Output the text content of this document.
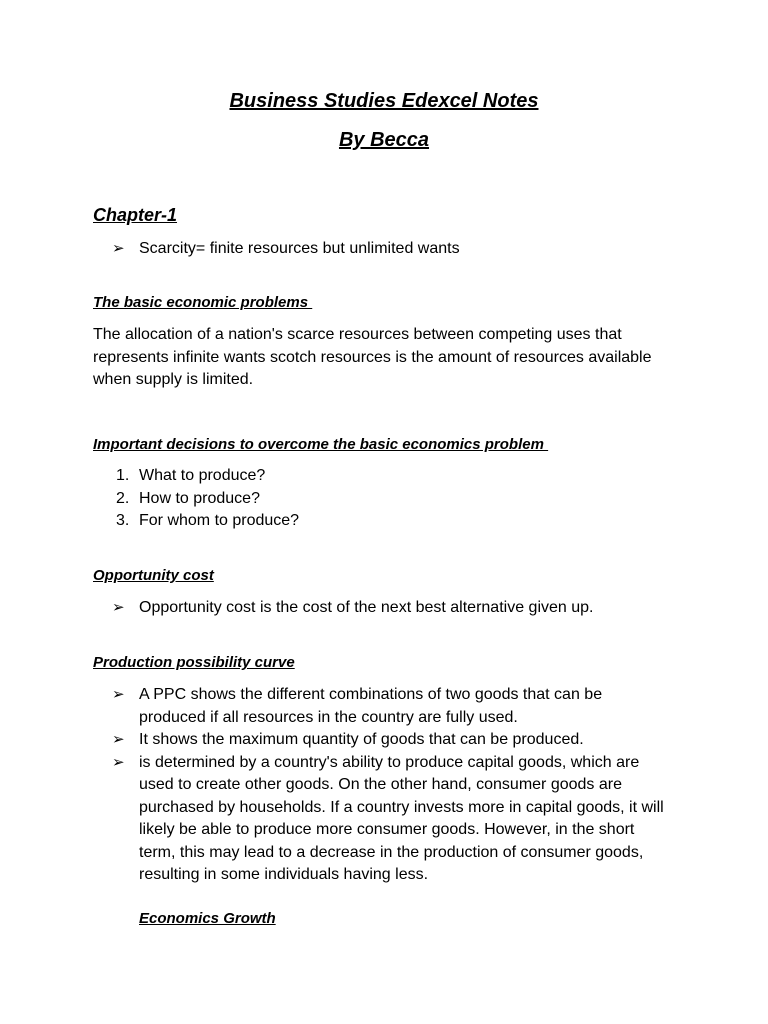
Business Studies Edexcel Notes
By Becca
Chapter-1
➢ Scarcity= finite resources but unlimited wants
The basic economic problems

The allocation of a nation's scarce resources between competing uses that represents infinite wants scotch resources is the amount of resources available when supply is limited.

Important decisions to overcome the basic economics problem
1. What to produce?
2. How to produce?
3. For whom to produce?
Opportunity cost
➢ Opportunity cost is the cost of the next best alternative given up.
Production possibility curve
➢ A PPC shows the different combinations of two goods that can be produced if all resources in the country are fully used.
➢ It shows the maximum quantity of goods that can be produced.
➢ is determined by a country's ability to produce capital goods, which are used to create other goods. On the other hand, consumer goods are purchased by households. If a country invests more in capital goods, it will likely be able to produce more consumer goods. However, in the short term, this may lead to a decrease in the production of consumer goods, resulting in some individuals having less.
Economics Growth
